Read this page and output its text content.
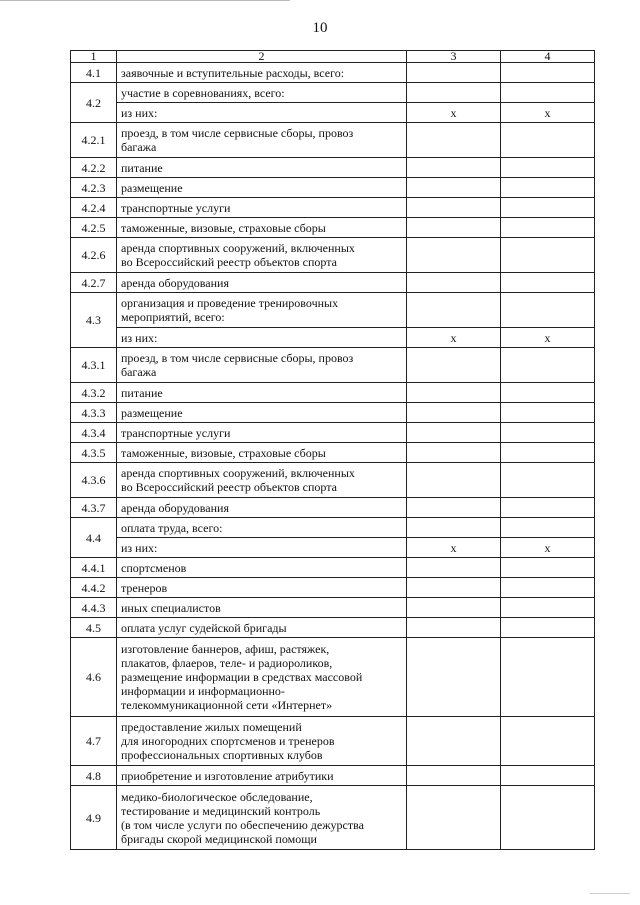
10
1	2	3	4
4.1	заявочные и вступительные расходы, всего:		

4.2	участие в соревнованиях, всего:		

	из них:	x	x
4.2.1	проезд, в том числе сервисные сборы, провоз
багажа		

4.2.2	питание		

4.2.3	размещение		

4.2.4	транспортные услуги		

4.2.5	таможенные, визовые, страховые сборы		

4.2.6	аренда спортивных сооружений, включенных
во Всероссийский реестр объектов спорта		

4.2.7	аренда оборудования		

4.3	организация и проведение тренировочных
мероприятий, всего:		

	из них:	x	x
4.3.1	проезд, в том числе сервисные сборы, провоз
багажа		

4.3.2	питание		

4.3.3	размещение		

4.3.4	транспортные услуги		

4.3.5	таможенные, визовые, страховые сборы		

4.3.6	аренда спортивных сооружений, включенных
во Всероссийский реестр объектов спорта		

4.3.7	аренда оборудования		

4.4	оплата труда, всего:		

	из них:	x	x
4.4.1	спортсменов		

4.4.2	тренеров		

4.4.3	иных специалистов		

4.5	оплата услуг судейской бригады		

4.6	изготовление баннеров, афиш, растяжек,
плакатов, флаеров, теле- и радиороликов,
размещение информации в средствах массовой
информации и информационно-
телекоммуникационной сети «Интернет»		

4.7	предоставление жилых помещений
для иногородних спортсменов и тренеров
профессиональных спортивных клубов		

4.8	приобретение и изготовление атрибутики		

4.9	медико-биологическое обследование,
тестирование и медицинский контроль
(в том числе услуги по обеспечению дежурства
бригады скорой медицинской помощи		
